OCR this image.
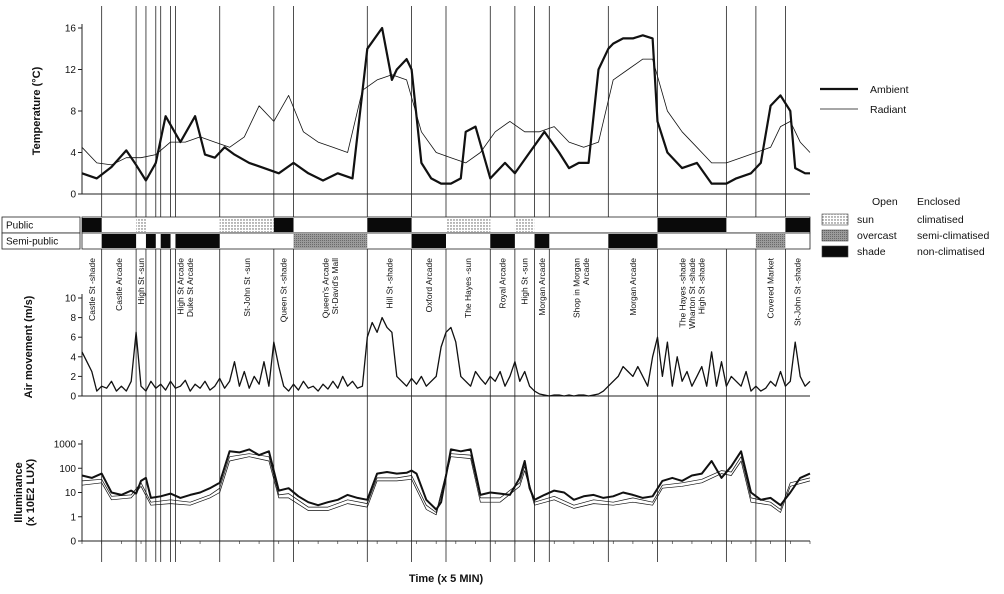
Public
Semi-public
0
4
8
12
16
Temperature (°C)
0
2
4
6
8
10
Air movement (m/s)
0
1
10
100
1000
Illuminance (x 10E2 LUX)
Time (x 5 MIN)
Castle St -shade Castle Arcade High St -sun	High St Arcade Duke St Arcade	St-John St -sun	Queen St -shade	Queen's Arcade St-David's Mall	Hill St -shade	Oxford Arcade	The Hayes -sun	Royal Arcade High St -sun Morgan Arcade	Shop in Morgan Arcade	Morgan Arcade	The Hayes -shade Wharton St -shade High St -shade	Covered Market St-John St -shade
Ambient
Radiant
Open Enclosed
sun	climatised
overcast semi-climatised
shade	non-climatised
